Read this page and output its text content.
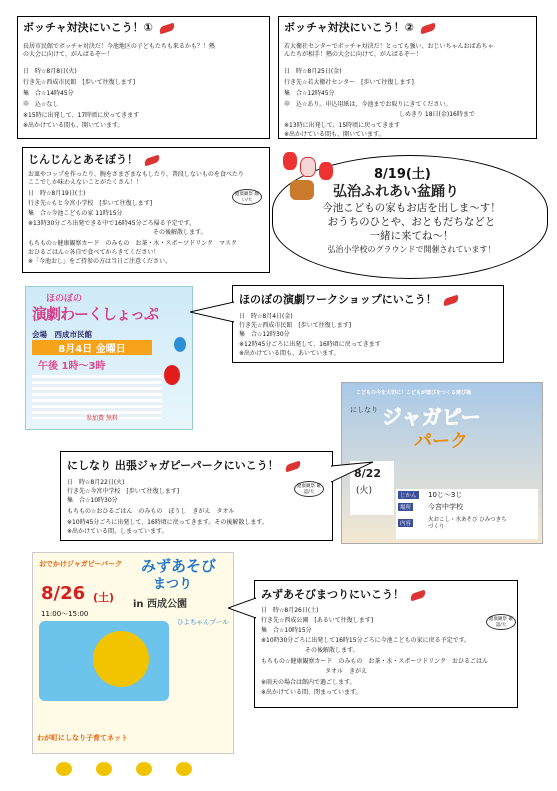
ボッチャ対決にいこう！①
長居市民館でボッチャ対決だ！今池地区の子どもたちも来るかも？！熱
の大会に向けて、がんばるぞ～！
日　時☆8月8日(火)
行き先☆西成市民館　[歩いて往復します]
集　合☆14時45分
申　込☆なし
※15時に出発して、17時頃に戻ってきます
※出かけている間も、開いています。
ボッチャ対決にいこう！②
若大衛社センターでボッチャ対決だ！とっても強い、おじいちゃんおばあちゃ
んたちが相手！熱の大会に向けて、がんばるぞ～！
日　時☆8月25日(金)
行き先☆若大衛社センター　[歩いて往復します]
集　合☆12時45分
申　込☆あり。申込用紙は、今池までお取りにきてください。
しめきり 18日(金)16時まで
※13時に出発して、15時頃に戻ってきます
※出かけている間も、開いています。
じんじんとあそぼう！
お皿やコップを作ったり、腕をさまざまなもしたり、普段しないものを食べたり
ここでしか味わえないことがたくさん！！
日　時☆8月19日(土)
行き先☆もと今宮小学校　[歩いて往復します]
集　合☆今池こどもの家 11時15分
※13時30分ごろ出発できる中で16時45分ごろ帰る予定です。
その後解散します。
もちもの☆健康観察カード　のみもの　お茶・水・スポーツドリンク　マスク
おひるごはん☆各自で食べてからきてください！
※「今池おし」をご持参の方は当日ご注意ください。
健康観察 願い/大
8/19(土)
弘治ふれあい盆踊り
今池こどもの家もお店を出しま～す！
おうちのひとや、おともだちなどと
一緒に来てね～！
弘治小学校のグラウンドで開催されています！
ほのぼの
演劇わーくしょっぷ
会場　西成市民館
8月4日 金曜日
午後 1時～3時
参加費 無料
ほのぼの演劇ワークショップにいこう！
日　時☆8月4日(金)
行き先☆西成市民館　[歩いて往復します]
集　合☆12時30分
※12時45分ごろに出発して、16時頃に戻ってきます
※出かけている間も、あいています。
こどもの今を大切に！こどもが遊びをつくる遊び場
にしなり ジャガピー
パーク
8/22
(火)	じかん 10じ～3じ
場所 今宮中学校
内容
火おこし・水あそび ひみつきちづくり
にしなり 出張ジャガピーパークにいこう！
日　時☆8月22日(火)
行き先☆今宮中学校　[歩いて往復します]
集　合☆10時30分
もちもの☆おひるごはん　のみもの　ぼうし　きがえ　タオル
※10時45分ごろに出発して、16時頃に戻ってきます。その後解散します。
※出かけている間、しまっています。
健康観察 確認/大
おでかけジャガピーパーク みずあそび
まつり
8/26 (土)
11:00～15:00
in 西成公園
ひよちゃんプール
わが町にしなり子育てネット
みずあそびまつりにいこう！
日　時☆8月26日(土)
行き先☆西成公園　[あるいて往復します]
集　合☆10時15分
※10時30分ごろに出発して16時15分ごろに今池こどもの家に戻る予定です。
その後解散します。
もちもの☆健康観察カード　のみもの　お茶・水・スポーツドリンク　おひるごはん
タオル　きがえ
※雨天の場合は館内で過ごします。
※出かけている間、閉まっています。
健康観察 確認/大
